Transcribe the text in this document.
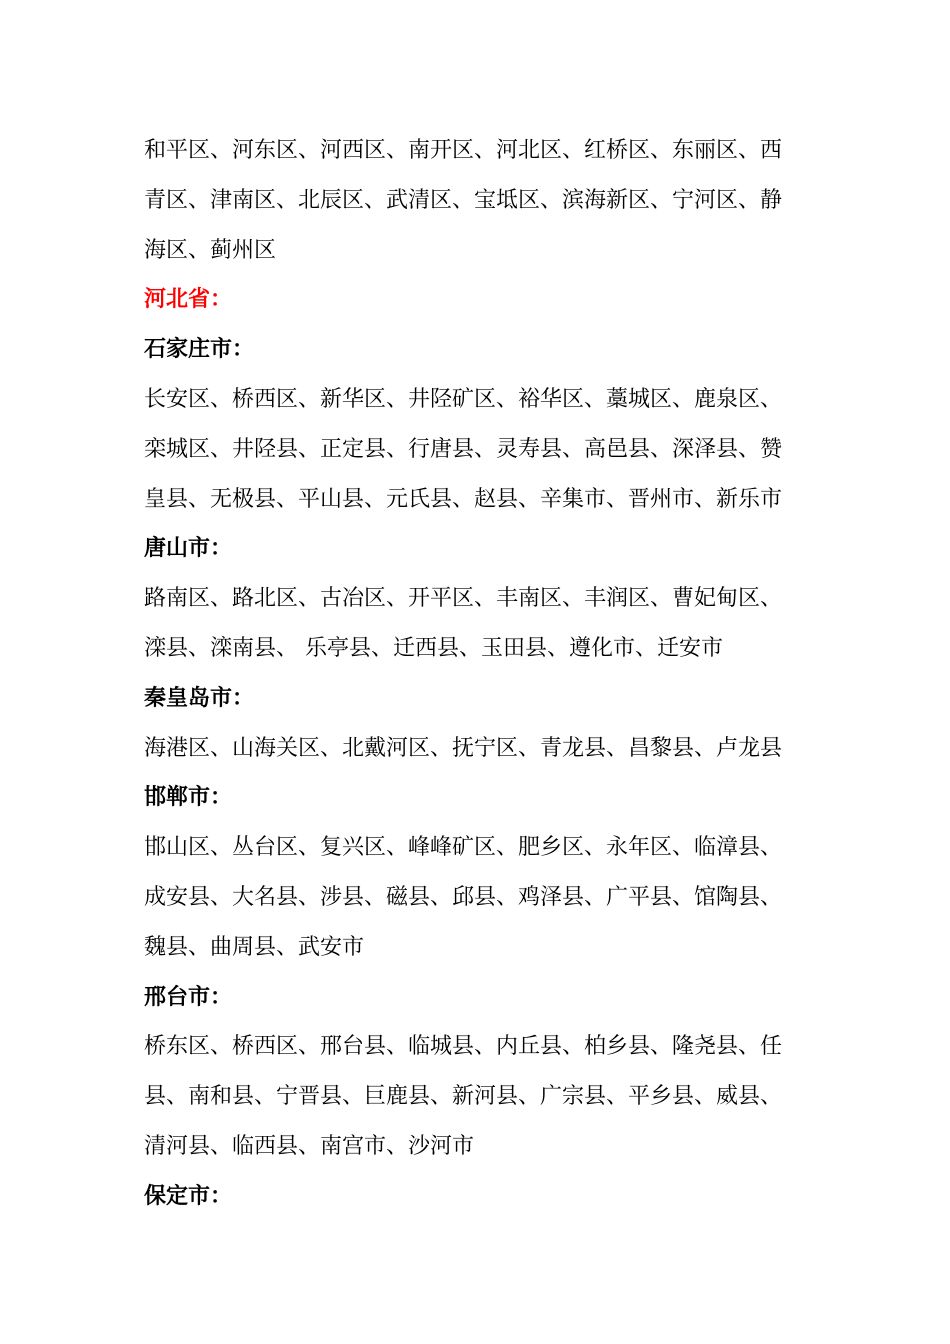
和平区、河东区、河西区、南开区、河北区、红桥区、东丽区、西
青区、津南区、北辰区、武清区、宝坻区、滨海新区、宁河区、静
海区、蓟州区
河北省：
石家庄市：
长安区、桥西区、新华区、井陉矿区、裕华区、藁城区、鹿泉区、
栾城区、井陉县、正定县、行唐县、灵寿县、高邑县、深泽县、赞
皇县、无极县、平山县、元氏县、赵县、辛集市、晋州市、新乐市
唐山市：
路南区、路北区、古冶区、开平区、丰南区、丰润区、曹妃甸区、
滦县、滦南县、 乐亭县、迁西县、玉田县、遵化市、迁安市
秦皇岛市：
海港区、山海关区、北戴河区、抚宁区、青龙县、昌黎县、卢龙县
邯郸市：
邯山区、丛台区、复兴区、峰峰矿区、肥乡区、永年区、临漳县、
成安县、大名县、涉县、磁县、邱县、鸡泽县、广平县、馆陶县、
魏县、曲周县、武安市
邢台市：
桥东区、桥西区、邢台县、临城县、内丘县、柏乡县、隆尧县、任
县、南和县、宁晋县、巨鹿县、新河县、广宗县、平乡县、威县、
清河县、临西县、南宫市、沙河市
保定市：
